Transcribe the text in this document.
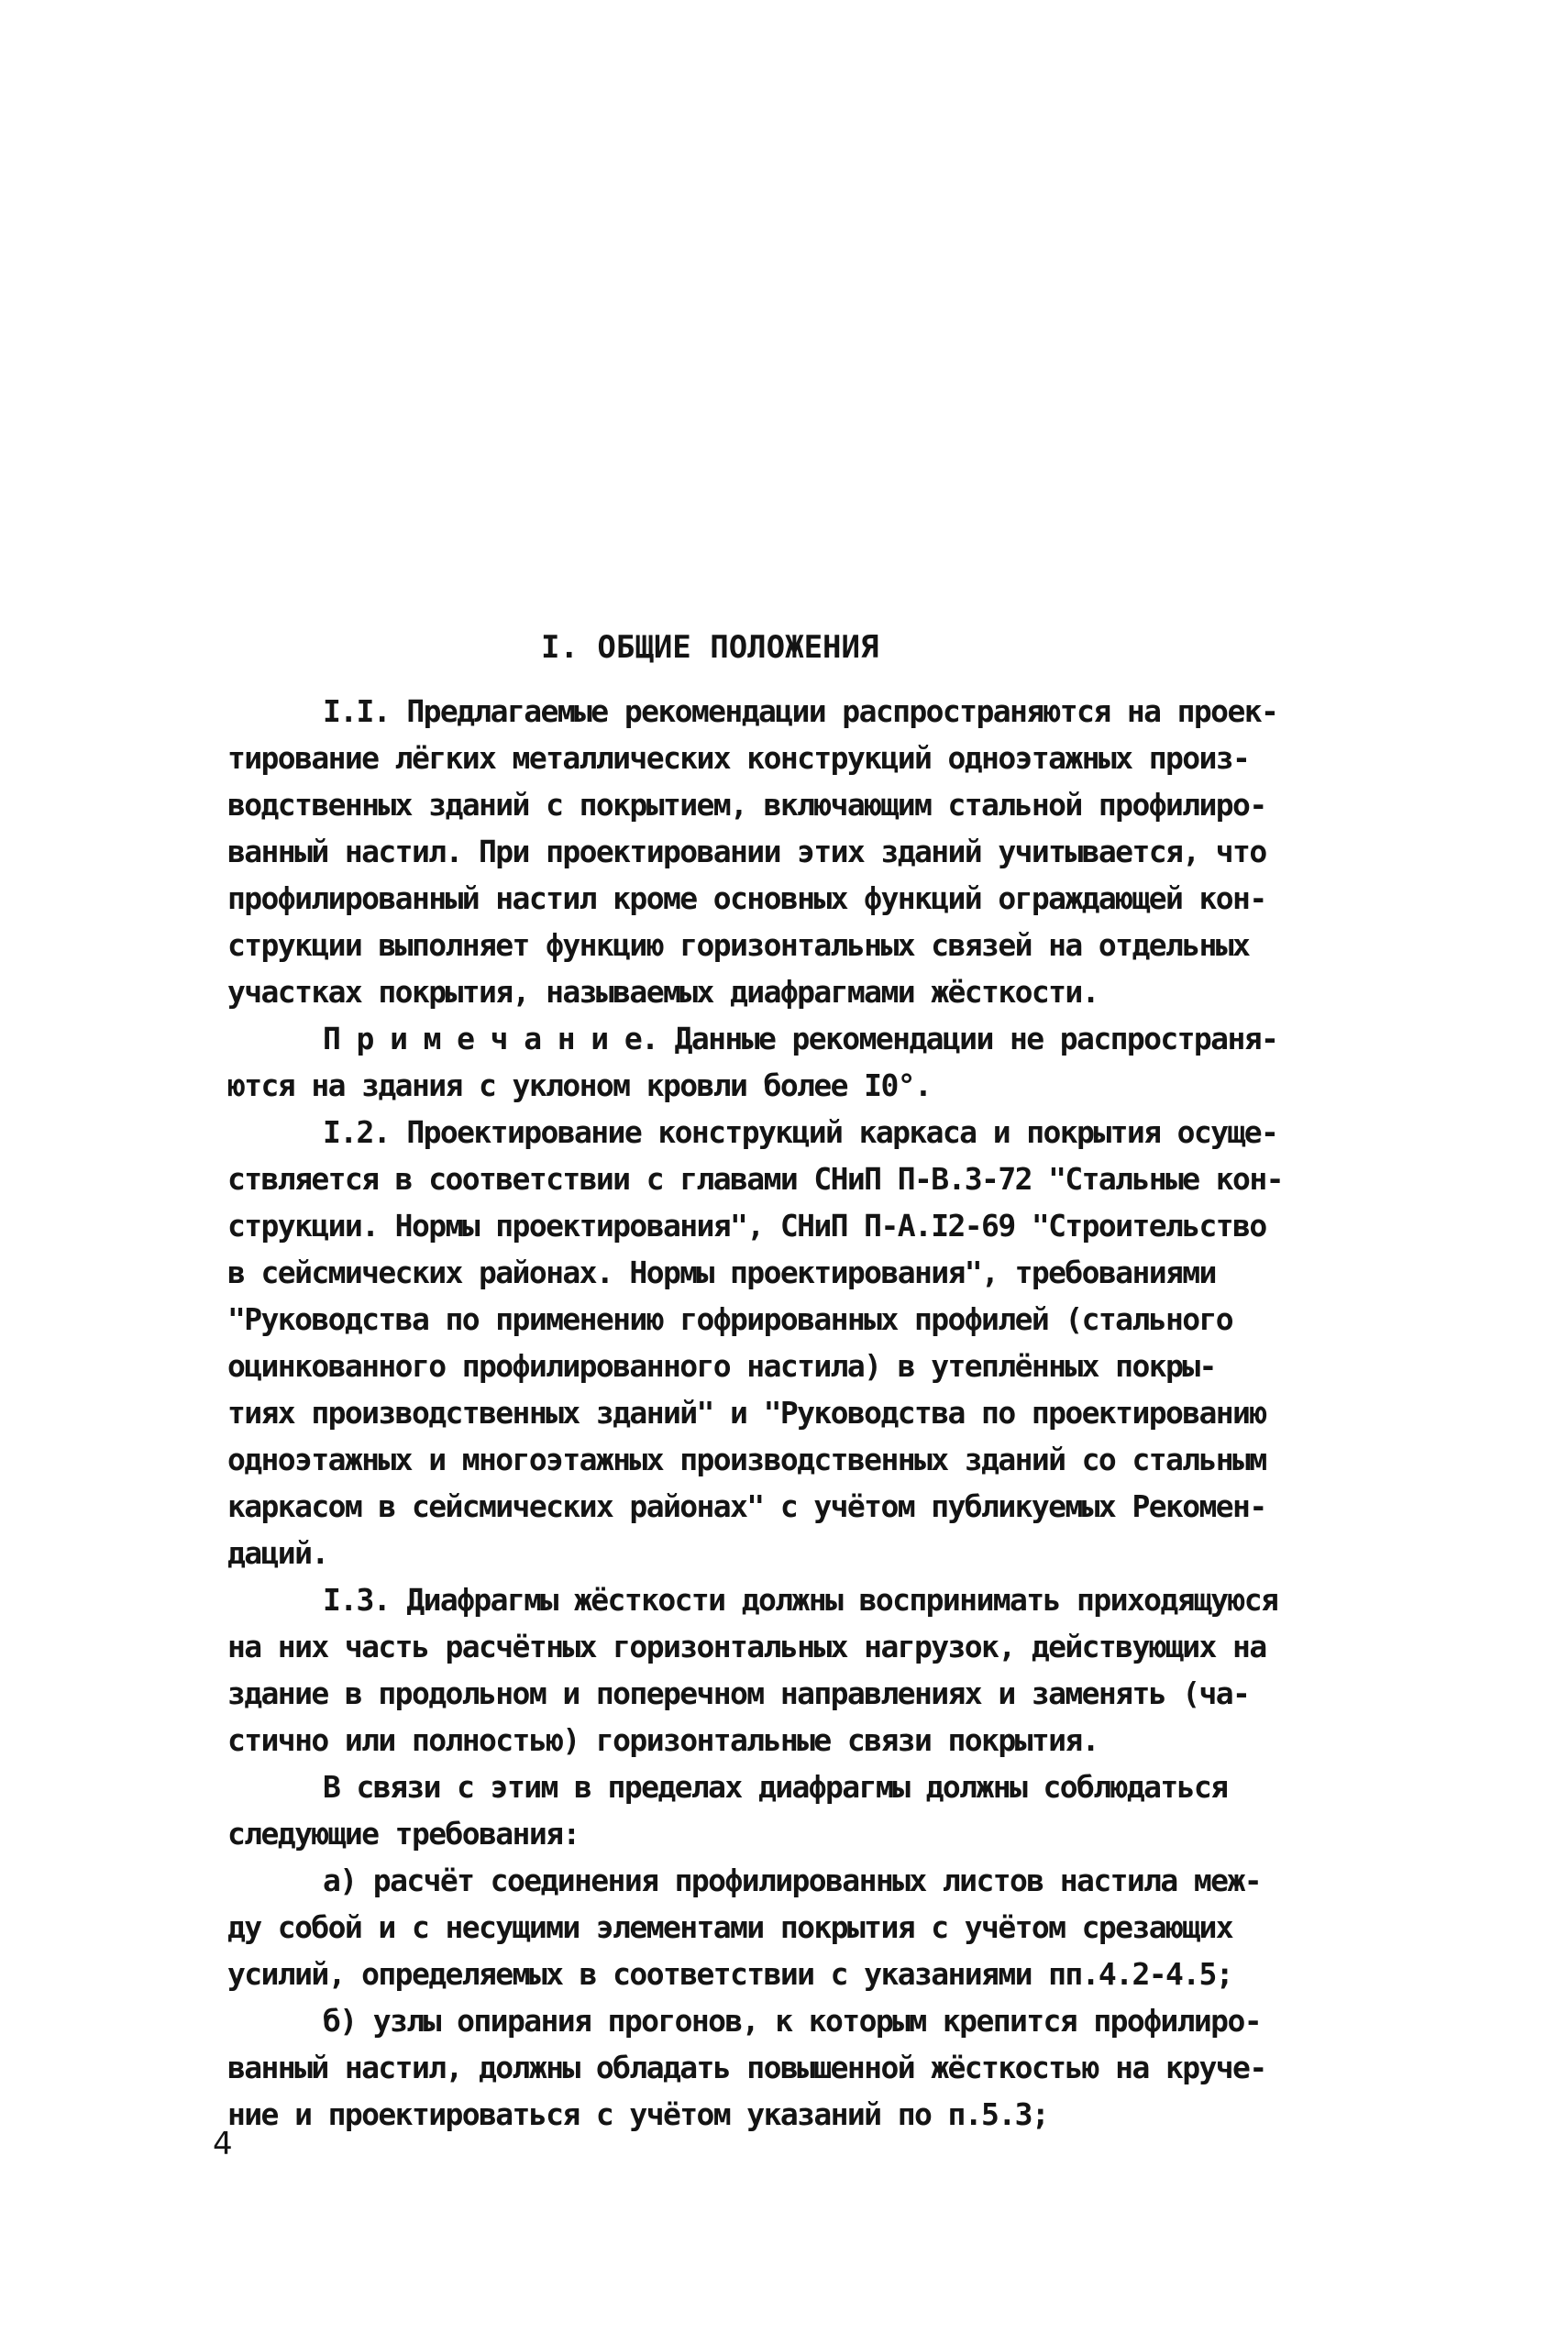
I. ОБЩИЕ ПОЛОЖЕНИЯ
I.I. Предлагаемые рекомендации распространяются на проек-
тирование лёгких металлических конструкций одноэтажных произ-
водственных зданий с покрытием, включающим стальной профилиро-
ванный настил. При проектировании этих зданий учитывается, что
профилированный настил кроме основных функций ограждающей кон-
струкции выполняет функцию горизонтальных связей на отдельных
участках покрытия, называемых диафрагмами жёсткости.
П р и м е ч а н и е. Данные рекомендации не распространя-
ются на здания с уклоном кровли более I0°.
I.2. Проектирование конструкций каркаса и покрытия осуще-
ствляется в соответствии с главами СНиП П-В.3-72 "Стальные кон-
струкции. Нормы проектирования", СНиП П-А.I2-69 "Строительство
в сейсмических районах. Нормы проектирования", требованиями
"Руководства по применению гофрированных профилей (стального
оцинкованного профилированного настила) в утеплённых покры-
тиях производственных зданий" и "Руководства по проектированию
одноэтажных и многоэтажных производственных зданий со стальным
каркасом в сейсмических районах" с учётом публикуемых Рекомен-
даций.
I.3. Диафрагмы жёсткости должны воспринимать приходящуюся
на них часть расчётных горизонтальных нагрузок, действующих на
здание в продольном и поперечном направлениях и заменять (ча-
стично или полностью) горизонтальные связи покрытия.
В связи с этим в пределах диафрагмы должны соблюдаться
следующие требования:
а) расчёт соединения профилированных листов настила меж-
ду собой и с несущими элементами покрытия с учётом срезающих
усилий, определяемых в соответствии с указаниями пп.4.2-4.5;
б) узлы опирания прогонов, к которым крепится профилиро-
ванный настил, должны обладать повышенной жёсткостью на круче-
ние и проектироваться с учётом указаний по п.5.3;
4
